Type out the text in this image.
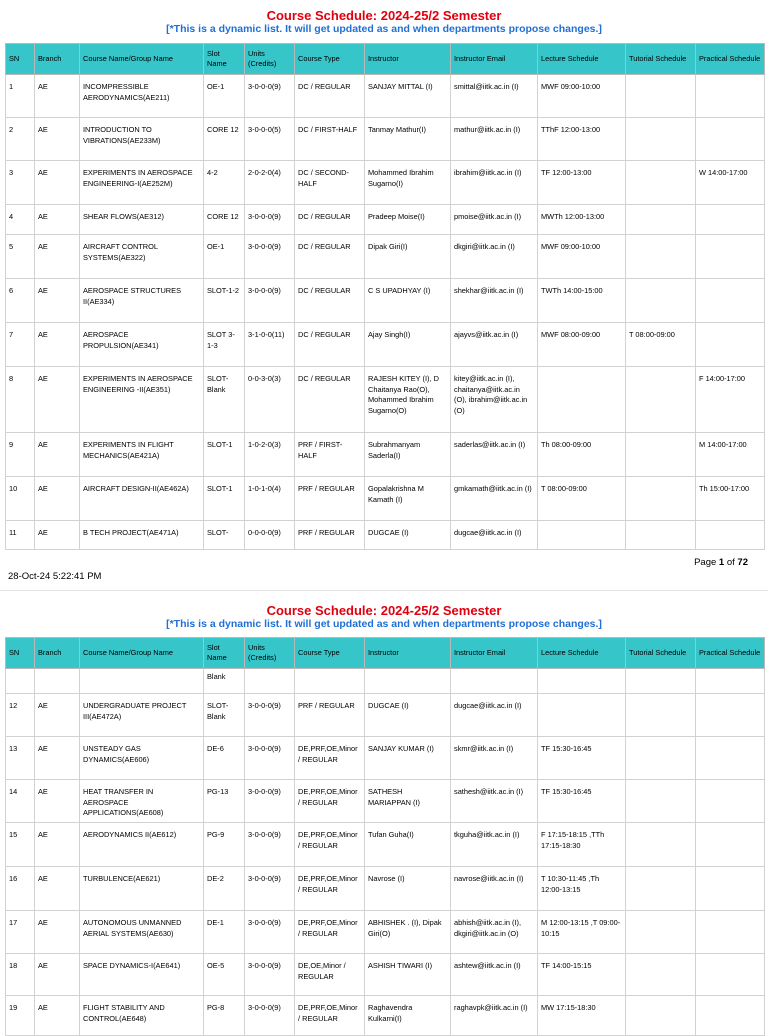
Course Schedule: 2024-25/2 Semester
[*This is a dynamic list. It will get updated as and when departments propose changes.]
SN	Branch	Course Name/Group Name	Slot Name	Units (Credits)	Course Type	Instructor	Instructor Email	Lecture Schedule	Tutorial Schedule	Practical Schedule
1	AE	INCOMPRESSIBLE AERODYNAMICS(AE211)	OE-1	3-0-0-0(9)	DC / REGULAR	SANJAY MITTAL (I)	smittal@iitk.ac.in (I)	MWF 09:00-10:00		
2	AE	INTRODUCTION TO VIBRATIONS(AE233M)	CORE 12	3-0-0-0(5)	DC / FIRST-HALF	Tanmay Mathur(I)	mathur@iitk.ac.in (I)	TThF 12:00-13:00		
3	AE	EXPERIMENTS IN AEROSPACE ENGINEERING-I(AE252M)	4-2	2-0-2-0(4)	DC / SECOND-HALF	Mohammed Ibrahim Sugarno(I)	ibrahim@iitk.ac.in (I)	TF 12:00-13:00		W 14:00-17:00
4	AE	SHEAR FLOWS(AE312)	CORE 12	3-0-0-0(9)	DC / REGULAR	Pradeep Moise(I)	pmoise@iitk.ac.in (I)	MWTh 12:00-13:00		
5	AE	AIRCRAFT CONTROL SYSTEMS(AE322)	OE-1	3-0-0-0(9)	DC / REGULAR	Dipak Giri(I)	dkgiri@iitk.ac.in (I)	MWF 09:00-10:00		
6	AE	AEROSPACE STRUCTURES II(AE334)	SLOT-1-2	3-0-0-0(9)	DC / REGULAR	C S UPADHYAY (I)	shekhar@iitk.ac.in (I)	TWTh 14:00-15:00		
7	AE	AEROSPACE PROPULSION(AE341)	SLOT 3-1-3	3-1-0-0(11)	DC / REGULAR	Ajay Singh(I)	ajayvs@iitk.ac.in (I)	MWF 08:00-09:00	T 08:00-09:00	
8	AE	EXPERIMENTS IN AEROSPACE ENGINEERING -II(AE351)	SLOT-Blank	0-0-3-0(3)	DC / REGULAR	RAJESH KITEY (I), D Chaitanya Rao(O), Mohammed Ibrahim Sugarno(O)	kitey@iitk.ac.in (I), chaitanya@iitk.ac.in (O), ibrahim@iitk.ac.in (O)			F 14:00-17:00
9	AE	EXPERIMENTS IN FLIGHT MECHANICS(AE421A)	SLOT-1	1-0-2-0(3)	PRF / FIRST-HALF	Subrahmanyam Saderla(I)	saderlas@iitk.ac.in (I)	Th 08:00-09:00		M 14:00-17:00
10	AE	AIRCRAFT DESIGN-II(AE462A)	SLOT-1	1-0-1-0(4)	PRF / REGULAR	Gopalakrishna M Kamath (I)	gmkamath@iitk.ac.in (I)	T 08:00-09:00		Th 15:00-17:00
11	AE	B TECH PROJECT(AE471A)	SLOT-	0-0-0-0(9)	PRF / REGULAR	DUGCAE (I)	dugcae@iitk.ac.in (I)			
Page 1 of 72
28-Oct-24 5:22:41 PM
Course Schedule: 2024-25/2 Semester
[*This is a dynamic list. It will get updated as and when departments propose changes.]
SN	Branch	Course Name/Group Name	Slot Name	Units (Credits)	Course Type	Instructor	Instructor Email	Lecture Schedule	Tutorial Schedule	Practical Schedule
			Blank							
12	AE	UNDERGRADUATE PROJECT III(AE472A)	SLOT-Blank	3-0-0-0(9)	PRF / REGULAR	DUGCAE (I)	dugcae@iitk.ac.in (I)			
13	AE	UNSTEADY GAS DYNAMICS(AE606)	DE-6	3-0-0-0(9)	DE,PRF,OE,Minor / REGULAR	SANJAY KUMAR (I)	skmr@iitk.ac.in (I)	TF 15:30-16:45		
14	AE	HEAT TRANSFER IN AEROSPACE APPLICATIONS(AE608)	PG-13	3-0-0-0(9)	DE,PRF,OE,Minor / REGULAR	SATHESH MARIAPPAN (I)	sathesh@iitk.ac.in (I)	TF 15:30-16:45		
15	AE	AERODYNAMICS II(AE612)	PG-9	3-0-0-0(9)	DE,PRF,OE,Minor / REGULAR	Tufan Guha(I)	tkguha@iitk.ac.in (I)	F 17:15-18:15 ,TTh 17:15-18:30		
16	AE	TURBULENCE(AE621)	DE-2	3-0-0-0(9)	DE,PRF,OE,Minor / REGULAR	Navrose (I)	navrose@iitk.ac.in (I)	T 10:30-11:45 ,Th 12:00-13:15		
17	AE	AUTONOMOUS UNMANNED AERIAL SYSTEMS(AE630)	DE-1	3-0-0-0(9)	DE,PRF,OE,Minor / REGULAR	ABHISHEK . (I), Dipak Giri(O)	abhish@iitk.ac.in (I), dkgiri@iitk.ac.in (O)	M 12:00-13:15 ,T 09:00-10:15		
18	AE	SPACE DYNAMICS-I(AE641)	OE-5	3-0-0-0(9)	DE,OE,Minor / REGULAR	ASHISH TIWARI (I)	ashtew@iitk.ac.in (I)	TF 14:00-15:15		
19	AE	FLIGHT STABILITY AND CONTROL(AE648)	PG-8	3-0-0-0(9)	DE,PRF,OE,Minor / REGULAR	Raghavendra Kulkarni(I)	raghavpk@iitk.ac.in (I)	MW 17:15-18:30		
